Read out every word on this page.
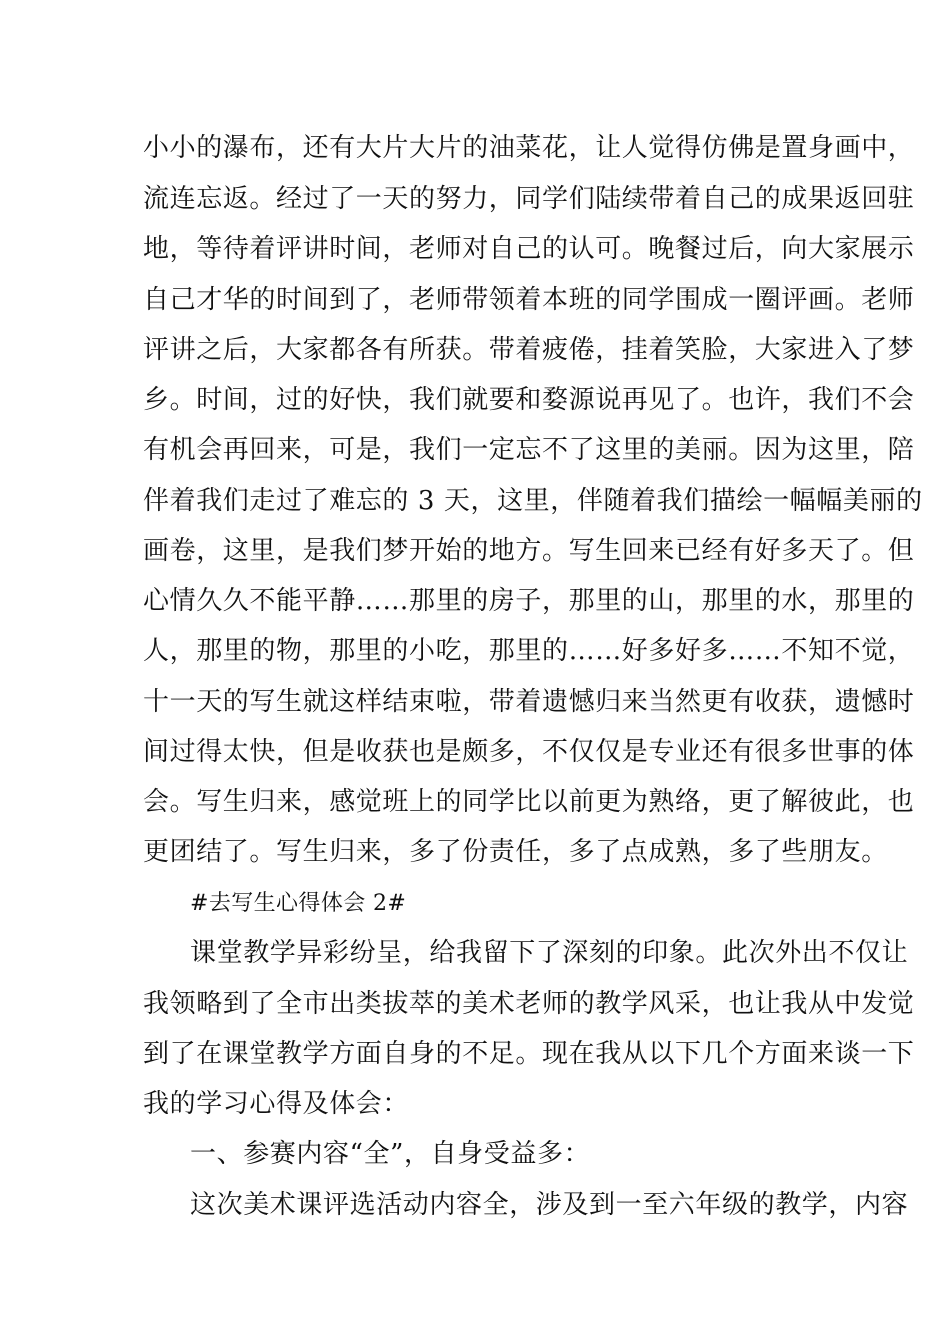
小小的瀑布，还有大片大片的油菜花，让人觉得仿佛是置身画中，
流连忘返。经过了一天的努力，同学们陆续带着自己的成果返回驻
地，等待着评讲时间，老师对自己的认可。晚餐过后，向大家展示
自己才华的时间到了，老师带领着本班的同学围成一圈评画。老师
评讲之后，大家都各有所获。带着疲倦，挂着笑脸，大家进入了梦
乡。时间，过的好快，我们就要和婺源说再见了。也许，我们不会
有机会再回来，可是，我们一定忘不了这里的美丽。因为这里，陪
伴着我们走过了难忘的 3 天，这里，伴随着我们描绘一幅幅美丽的
画卷，这里，是我们梦开始的地方。写生回来已经有好多天了。但
心情久久不能平静……那里的房子，那里的山，那里的水，那里的
人，那里的物，那里的小吃，那里的……好多好多……不知不觉，
十一天的写生就这样结束啦，带着遗憾归来当然更有收获，遗憾时
间过得太快，但是收获也是颇多，不仅仅是专业还有很多世事的体
会。写生归来，感觉班上的同学比以前更为熟络，更了解彼此，也
更团结了。写生归来，多了份责任，多了点成熟，多了些朋友。
#去写生心得体会 2#
课堂教学异彩纷呈，给我留下了深刻的印象。此次外出不仅让
我领略到了全市出类拔萃的美术老师的教学风采，也让我从中发觉
到了在课堂教学方面自身的不足。现在我从以下几个方面来谈一下
我的学习心得及体会：
一、参赛内容“全”，自身受益多：
这次美术课评选活动内容全，涉及到一至六年级的教学，内容
